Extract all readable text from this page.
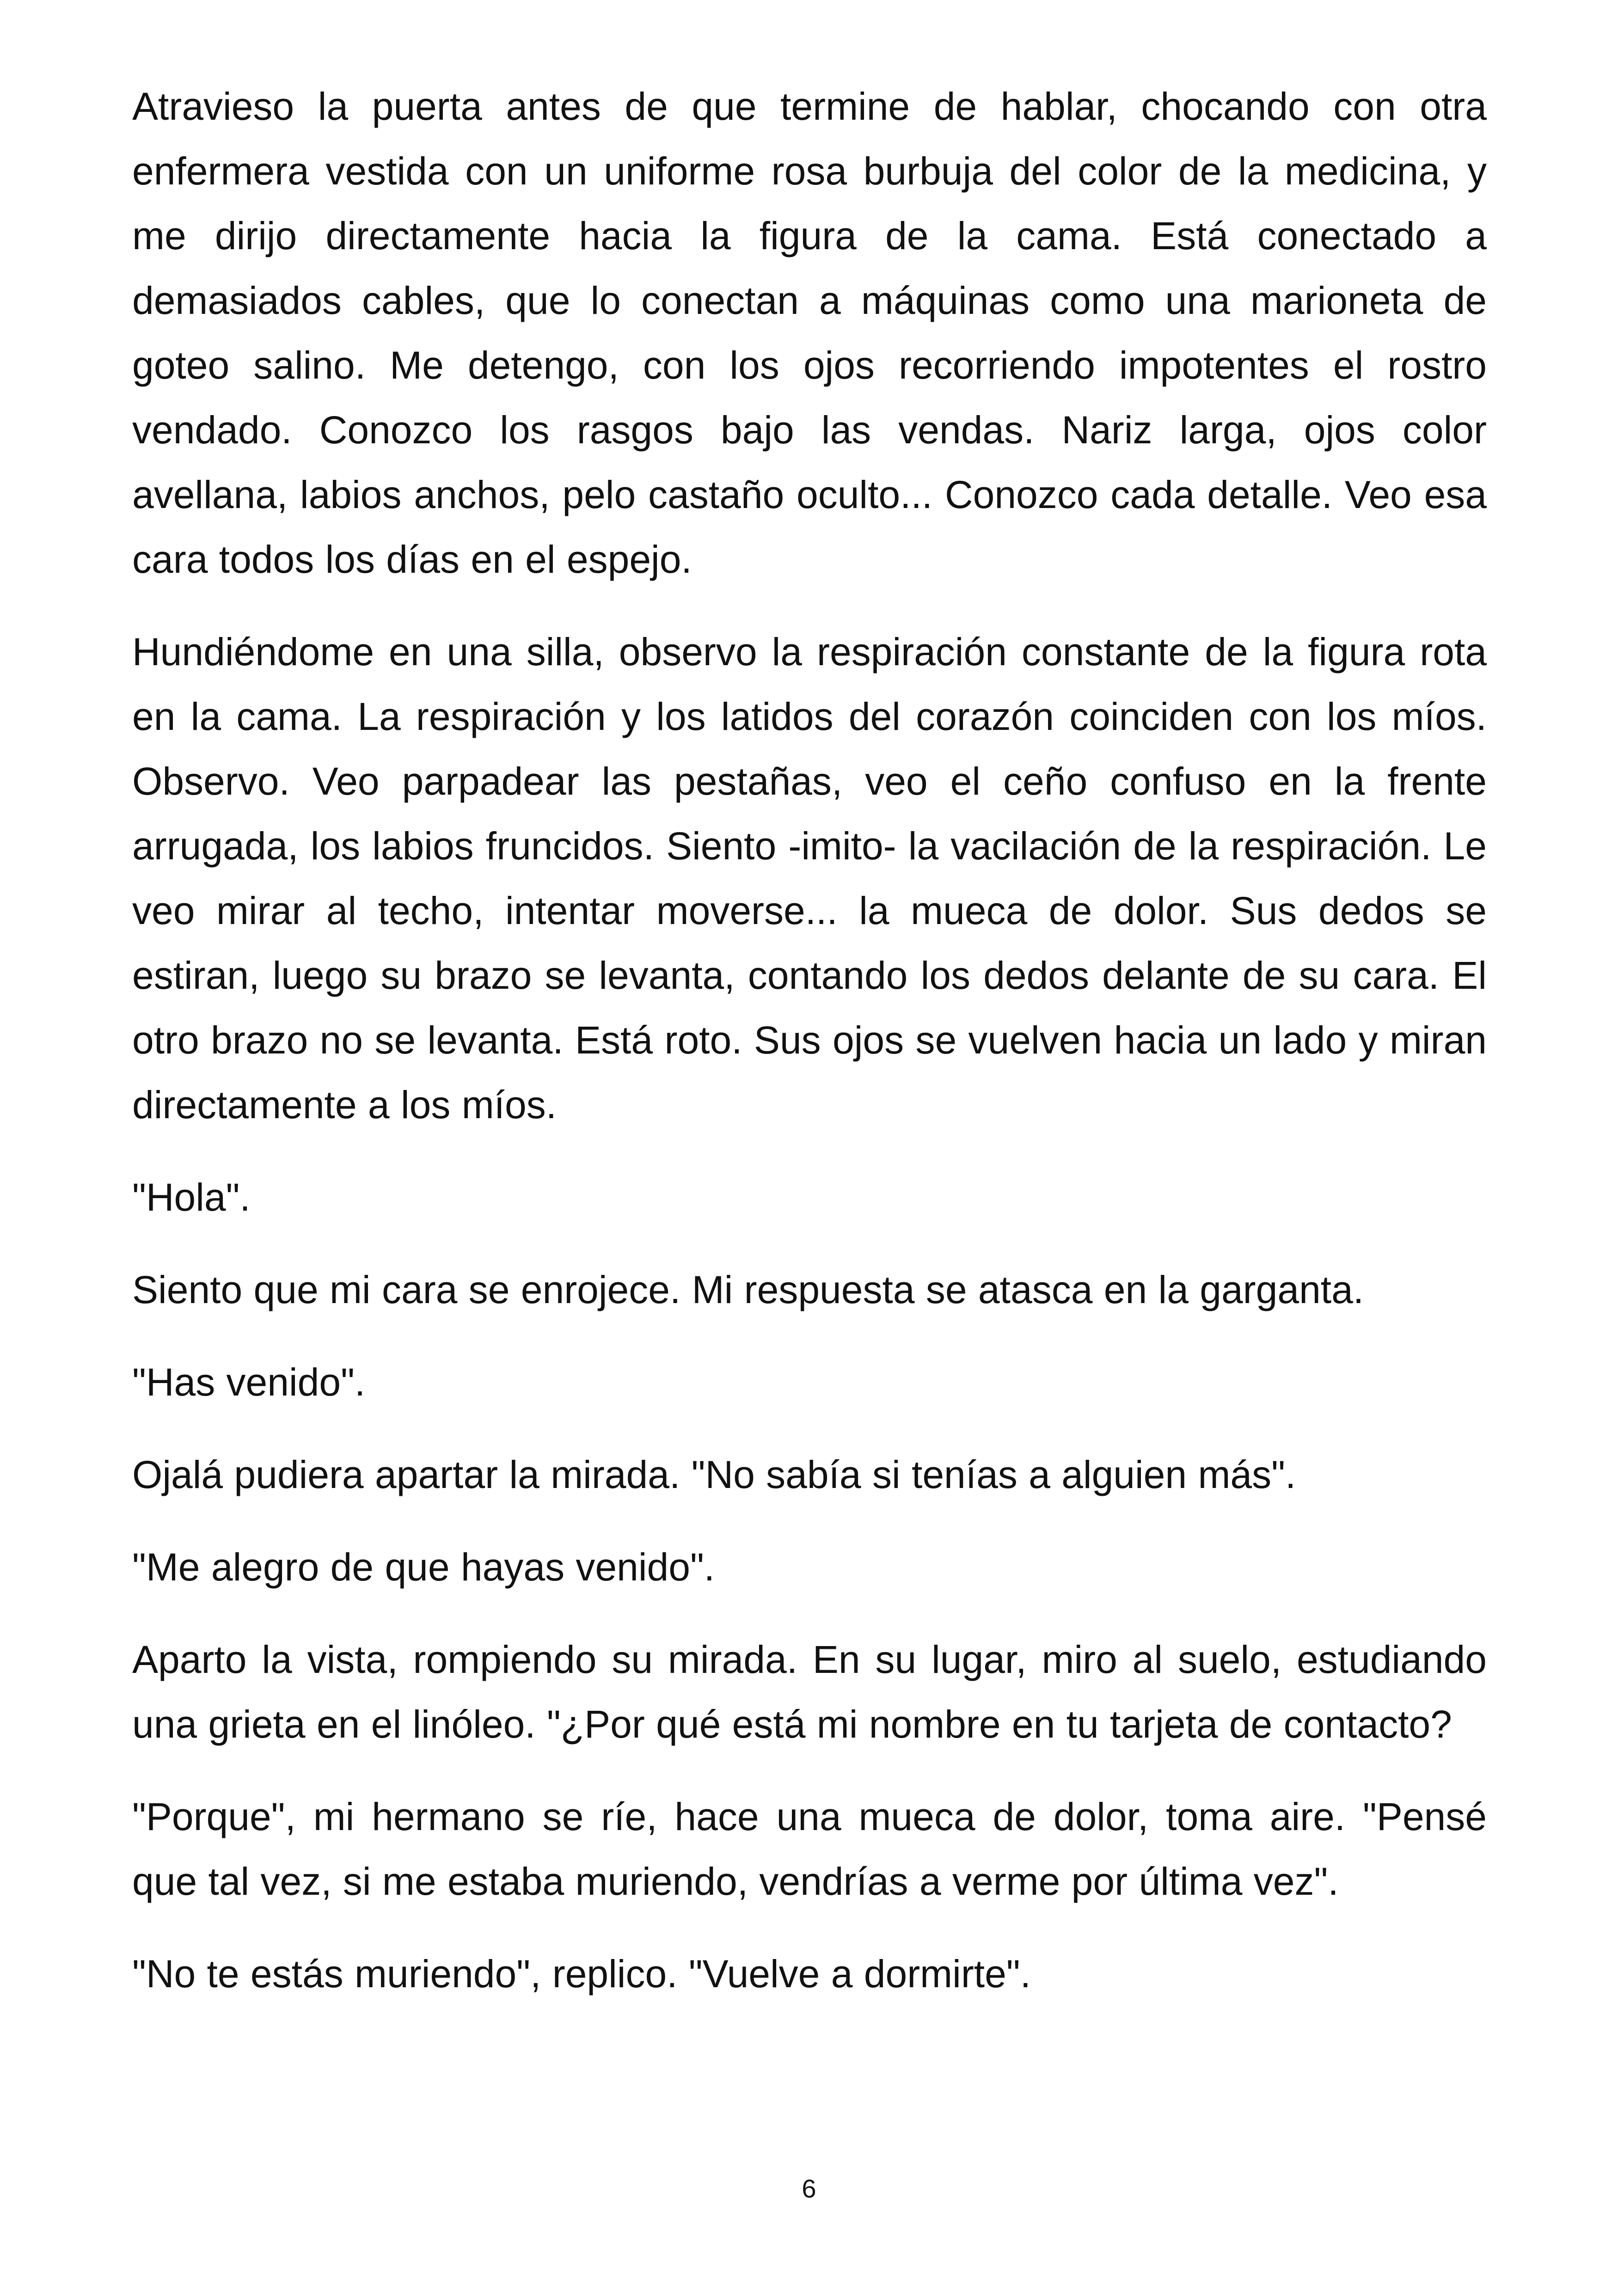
Atravieso la puerta antes de que termine de hablar, chocando con otra enfermera vestida con un uniforme rosa burbuja del color de la medicina, y me dirijo directamente hacia la figura de la cama. Está conectado a demasiados cables, que lo conectan a máquinas como una marioneta de goteo salino. Me detengo, con los ojos recorriendo impotentes el rostro vendado. Conozco los rasgos bajo las vendas. Nariz larga, ojos color avellana, labios anchos, pelo castaño oculto... Conozco cada detalle. Veo esa cara todos los días en el espejo.

Hundiéndome en una silla, observo la respiración constante de la figura rota en la cama. La respiración y los latidos del corazón coinciden con los míos. Observo. Veo parpadear las pestañas, veo el ceño confuso en la frente arrugada, los labios fruncidos. Siento -imito- la vacilación de la respiración. Le veo mirar al techo, intentar moverse... la mueca de dolor. Sus dedos se estiran, luego su brazo se levanta, contando los dedos delante de su cara. El otro brazo no se levanta. Está roto. Sus ojos se vuelven hacia un lado y miran directamente a los míos.

"Hola".

Siento que mi cara se enrojece. Mi respuesta se atasca en la garganta.

"Has venido".

Ojalá pudiera apartar la mirada. "No sabía si tenías a alguien más".

"Me alegro de que hayas venido".

Aparto la vista, rompiendo su mirada. En su lugar, miro al suelo, estudiando una grieta en el linóleo. "¿Por qué está mi nombre en tu tarjeta de contacto?

"Porque", mi hermano se ríe, hace una mueca de dolor, toma aire. "Pensé que tal vez, si me estaba muriendo, vendrías a verme por última vez".

"No te estás muriendo", replico. "Vuelve a dormirte".

6
